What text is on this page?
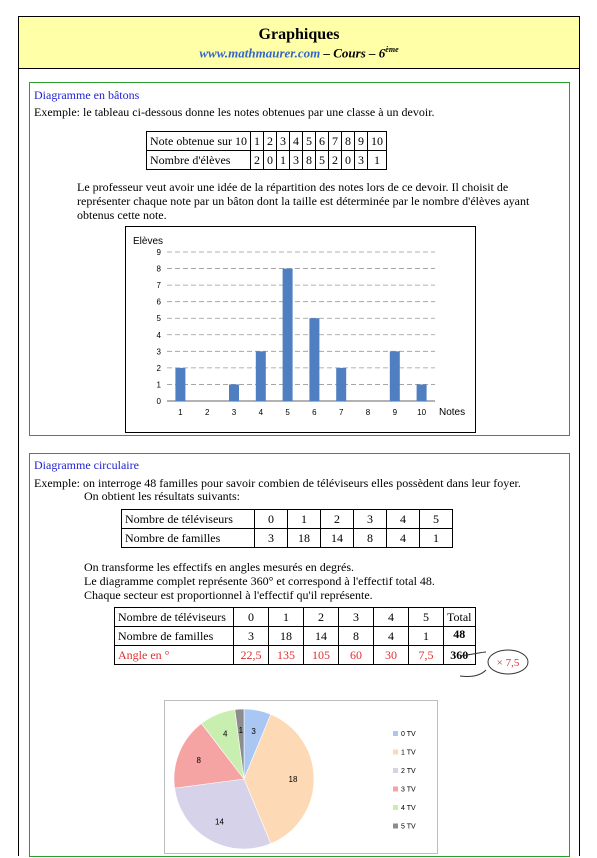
Graphiques
www.mathmaurer.com – Cours – 6ème
Diagramme en bâtons
Exemple: le tableau ci-dessous donne les notes obtenues par une classe à un devoir.
Note obtenue sur 10	1	2	3	4	5	6	7	8	9	10
Nombre d'élèves	2	0	1	3	8	5	2	0	3	1
Le professeur veut avoir une idée de la répartition des notes lors de ce devoir. Il choisit de
représenter chaque note par un bâton dont la taille est déterminée par le nombre d'élèves ayant
obtenus cette note.
0
1
2
3
4
5
6
7
8
9
1	2	3	4	5	6	7	8	9	10
Elèves
Notes
Diagramme circulaire
Exemple: on interroge 48 familles pour savoir combien de téléviseurs elles possèdent dans leur foyer.
On obtient les résultats suivants:
Nombre de téléviseurs	0	1	2	3	4	5
Nombre de familles	3	18	14	8	4	1
On transforme les effectifs en angles mesurés en degrés.
Le diagramme complet représente 360° et correspond à l'effectif total 48.
Chaque secteur est proportionnel à l'effectif qu'il représente.
Nombre de téléviseurs	0	1	2	3	4	5	Total
Nombre de familles	3	18	14	8	4	1	48
Angle en °	22,5	135	105	60	30	7,5	360
× 7,5
3
18
14
8
4 1	0 TV
1 TV
2 TV
3 TV
4 TV
5 TV
